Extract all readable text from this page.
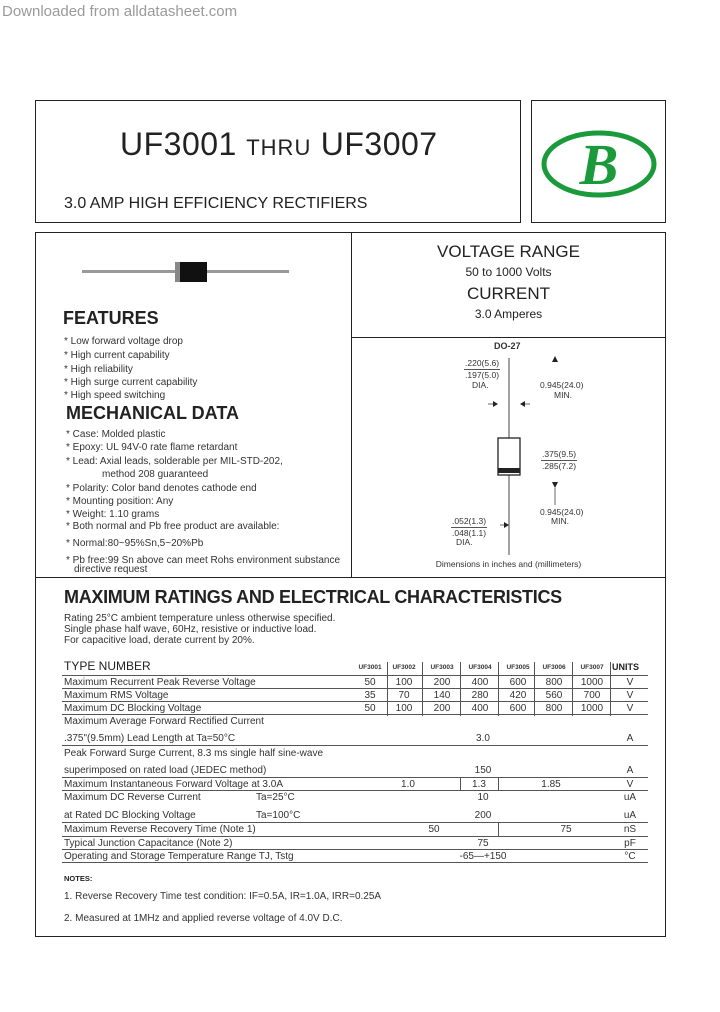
Downloaded from alldatasheet.com
UF3001 THRU UF3007
3.0 AMP HIGH EFFICIENCY RECTIFIERS
B
VOLTAGE RANGE
50 to 1000 Volts
CURRENT
3.0 Amperes
FEATURES
* Low forward voltage drop
* High current capability
* High reliability
* High surge current capability
* High speed switching
MECHANICAL DATA
* Case: Molded plastic
* Epoxy: UL 94V-0 rate flame retardant
* Lead: Axial leads, solderable per MIL-STD-202,
method 208 guaranteed
* Polarity: Color band denotes cathode end
* Mounting position: Any
* Weight: 1.10 grams
* Both normal and Pb free product are available:
* Normal:80~95%Sn,5~20%Pb
* Pb free:99 Sn above can meet Rohs environment substance
directive request
DO-27
.220(5.6)
.197(5.0)
DIA.	0.945(24.0)
MIN.
.375(9.5)
.285(7.2)
0.945(24.0)
MIN.
.052(1.3)
.048(1.1)
DIA.
Dimensions in inches and (millimeters)
MAXIMUM RATINGS AND ELECTRICAL CHARACTERISTICS
Rating 25°C ambient temperature unless otherwise specified.
Single phase half wave, 60Hz, resistive or inductive load.
For capacitive load, derate current by 20%.
TYPE NUMBER	UF3001	UF3002	UF3003	UF3004	UF3005	UF3006	UF3007 UNITS
Maximum Recurrent Peak Reverse Voltage	50	100	200	400	600	800	1000	V
Maximum RMS Voltage	35	70	140	280	420	560	700	V
Maximum DC Blocking Voltage	50	100	200	400	600	800	1000	V
Maximum Average Forward Rectified Current
.375"(9.5mm) Lead Length at Ta=50°C	3.0	A
Peak Forward Surge Current, 8.3 ms single half sine-wave
superimposed on rated load (JEDEC method)	150	A
Maximum Instantaneous Forward Voltage at 3.0A	1.0	1.3	1.85	V
Maximum DC Reverse Current	Ta=25°C	10	uA
at Rated DC Blocking Voltage	Ta=100°C	200	uA
Maximum Reverse Recovery Time (Note 1)	50	75	nS
Typical Junction Capacitance (Note 2)	75	pF
Operating and Storage Temperature Range TJ, Tstg	-65—+150	°C
NOTES:
1. Reverse Recovery Time test condition: IF=0.5A, IR=1.0A, IRR=0.25A
2. Measured at 1MHz and applied reverse voltage of 4.0V D.C.
